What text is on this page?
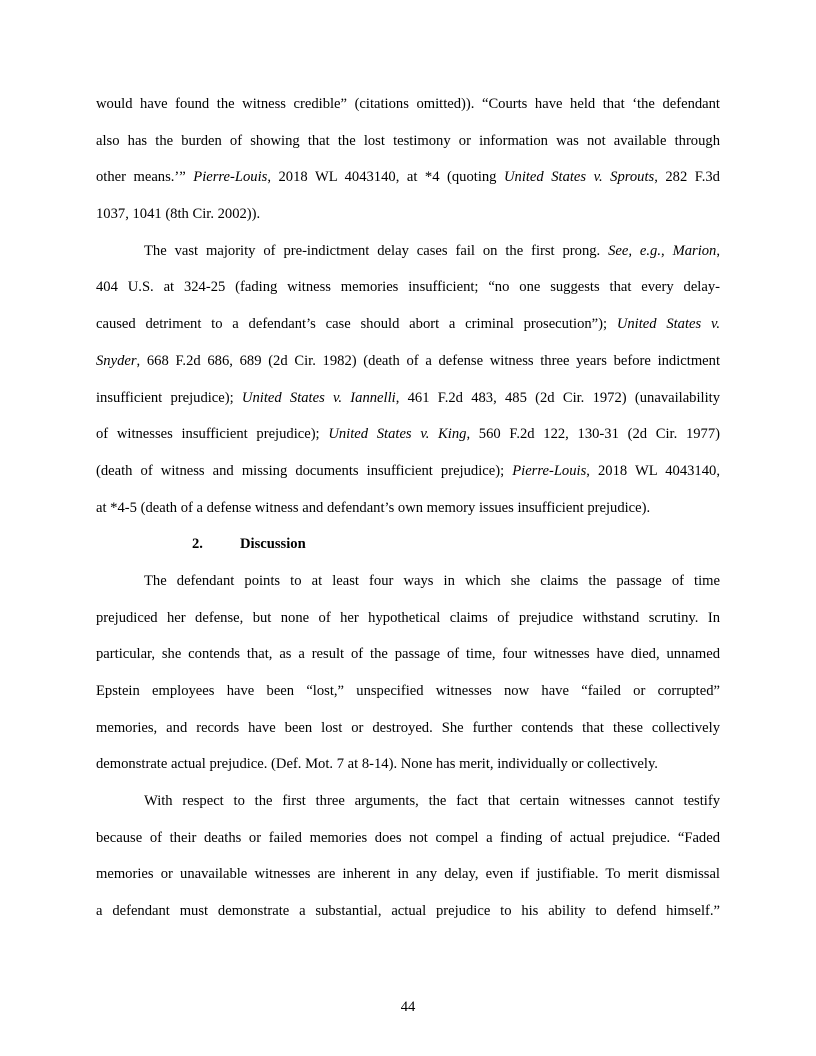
would have found the witness credible” (citations omitted)). “Courts have held that ‘the defendant
also has the burden of showing that the lost testimony or information was not available through
other means.’” Pierre-Louis, 2018 WL 4043140, at *4 (quoting United States v. Sprouts, 282 F.3d
1037, 1041 (8th Cir. 2002)).
The vast majority of pre-indictment delay cases fail on the first prong. See, e.g., Marion,
404 U.S. at 324-25 (fading witness memories insufficient; “no one suggests that every delay-
caused detriment to a defendant’s case should abort a criminal prosecution”); United States v.
Snyder, 668 F.2d 686, 689 (2d Cir. 1982) (death of a defense witness three years before indictment
insufficient prejudice); United States v. Iannelli, 461 F.2d 483, 485 (2d Cir. 1972) (unavailability
of witnesses insufficient prejudice); United States v. King, 560 F.2d 122, 130-31 (2d Cir. 1977)
(death of witness and missing documents insufficient prejudice); Pierre-Louis, 2018 WL 4043140,
at *4-5 (death of a defense witness and defendant’s own memory issues insufficient prejudice).
2.	Discussion
The defendant points to at least four ways in which she claims the passage of time
prejudiced her defense, but none of her hypothetical claims of prejudice withstand scrutiny. In
particular, she contends that, as a result of the passage of time, four witnesses have died, unnamed
Epstein employees have been “lost,” unspecified witnesses now have “failed or corrupted”
memories, and records have been lost or destroyed. She further contends that these collectively
demonstrate actual prejudice. (Def. Mot. 7 at 8-14). None has merit, individually or collectively.
With respect to the first three arguments, the fact that certain witnesses cannot testify
because of their deaths or failed memories does not compel a finding of actual prejudice. “Faded
memories or unavailable witnesses are inherent in any delay, even if justifiable. To merit dismissal
a defendant must demonstrate a substantial, actual prejudice to his ability to defend himself.”
44
